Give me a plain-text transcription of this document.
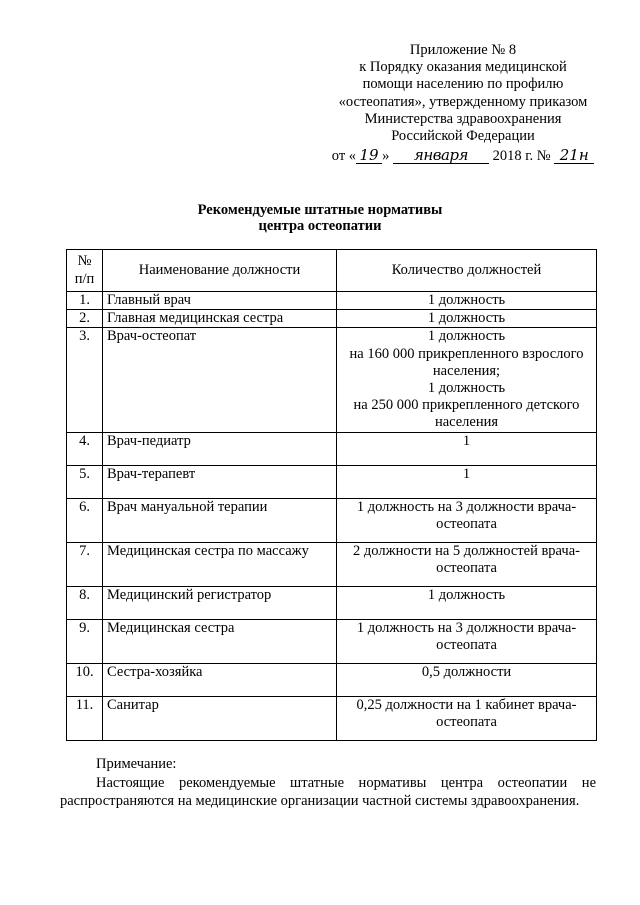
Приложение № 8
к Порядку оказания медицинской
помощи населению по профилю
«остеопатия», утвержденному приказом
Министерства здравоохранения
Российской Федерации
от « 19 » января 2018 г. № 21н
Рекомендуемые штатные нормативы
центра остеопатии
№ п/п	Наименование должности	Количество должностей
1.	Главный врач	1 должность
2.	Главная медицинская сестра	1 должность
3.	Врач-остеопат	1 должность
на 160 000 прикрепленного взрослого населения;
1 должность
на 250 000 прикрепленного детского населения

4.	Врач-педиатр	1
5.	Врач-терапевт	1
6.	Врач мануальной терапии	1 должность на 3 должности врача-остеопата
7.	Медицинская сестра по массажу	2 должности на 5 должностей врача-остеопата
8.	Медицинский регистратор	1 должность
9.	Медицинская сестра	1 должность на 3 должности врача-остеопата
10.	Сестра-хозяйка	0,5 должности
11.	Санитар	0,25 должности на 1 кабинет врача-остеопата
Примечание:
Настоящие рекомендуемые штатные нормативы центра остеопатии не распространяются на медицинские организации частной системы здравоохранения.
